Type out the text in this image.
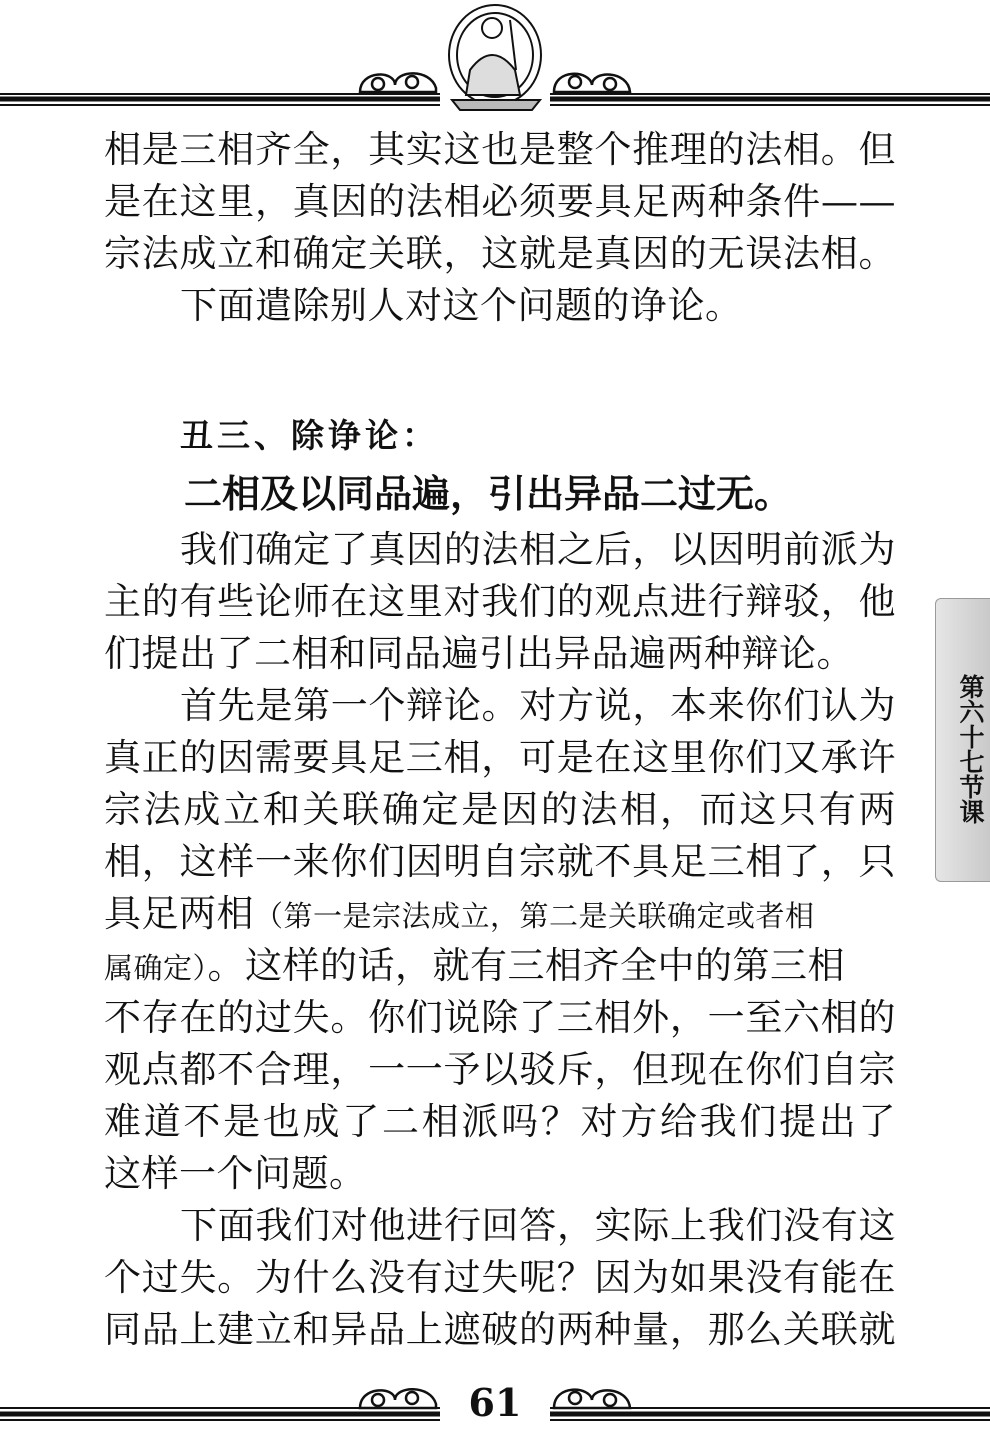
相是三相齐全，其实这也是整个推理的法相。但
是在这里，真因的法相必须要具足两种条件——
宗法成立和确定关联，这就是真因的无误法相。
下面遣除别人对这个问题的诤论。
丑三、除诤论：
二相及以同品遍，引出异品二过无。
我们确定了真因的法相之后，以因明前派为
主的有些论师在这里对我们的观点进行辩驳，他
们提出了二相和同品遍引出异品遍两种辩论。
首先是第一个辩论。对方说，本来你们认为
真正的因需要具足三相，可是在这里你们又承许
宗法成立和关联确定是因的法相，而这只有两
相，这样一来你们因明自宗就不具足三相了，只
具足两相（第一是宗法成立，第二是关联确定或者相
属确定）。这样的话，就有三相齐全中的第三相
不存在的过失。你们说除了三相外，一至六相的
观点都不合理，一一予以驳斥，但现在你们自宗
难道不是也成了二相派吗？对方给我们提出了
这样一个问题。
下面我们对他进行回答，实际上我们没有这
个过失。为什么没有过失呢？因为如果没有能在
同品上建立和异品上遮破的两种量，那么关联就
第六十七节课
61
